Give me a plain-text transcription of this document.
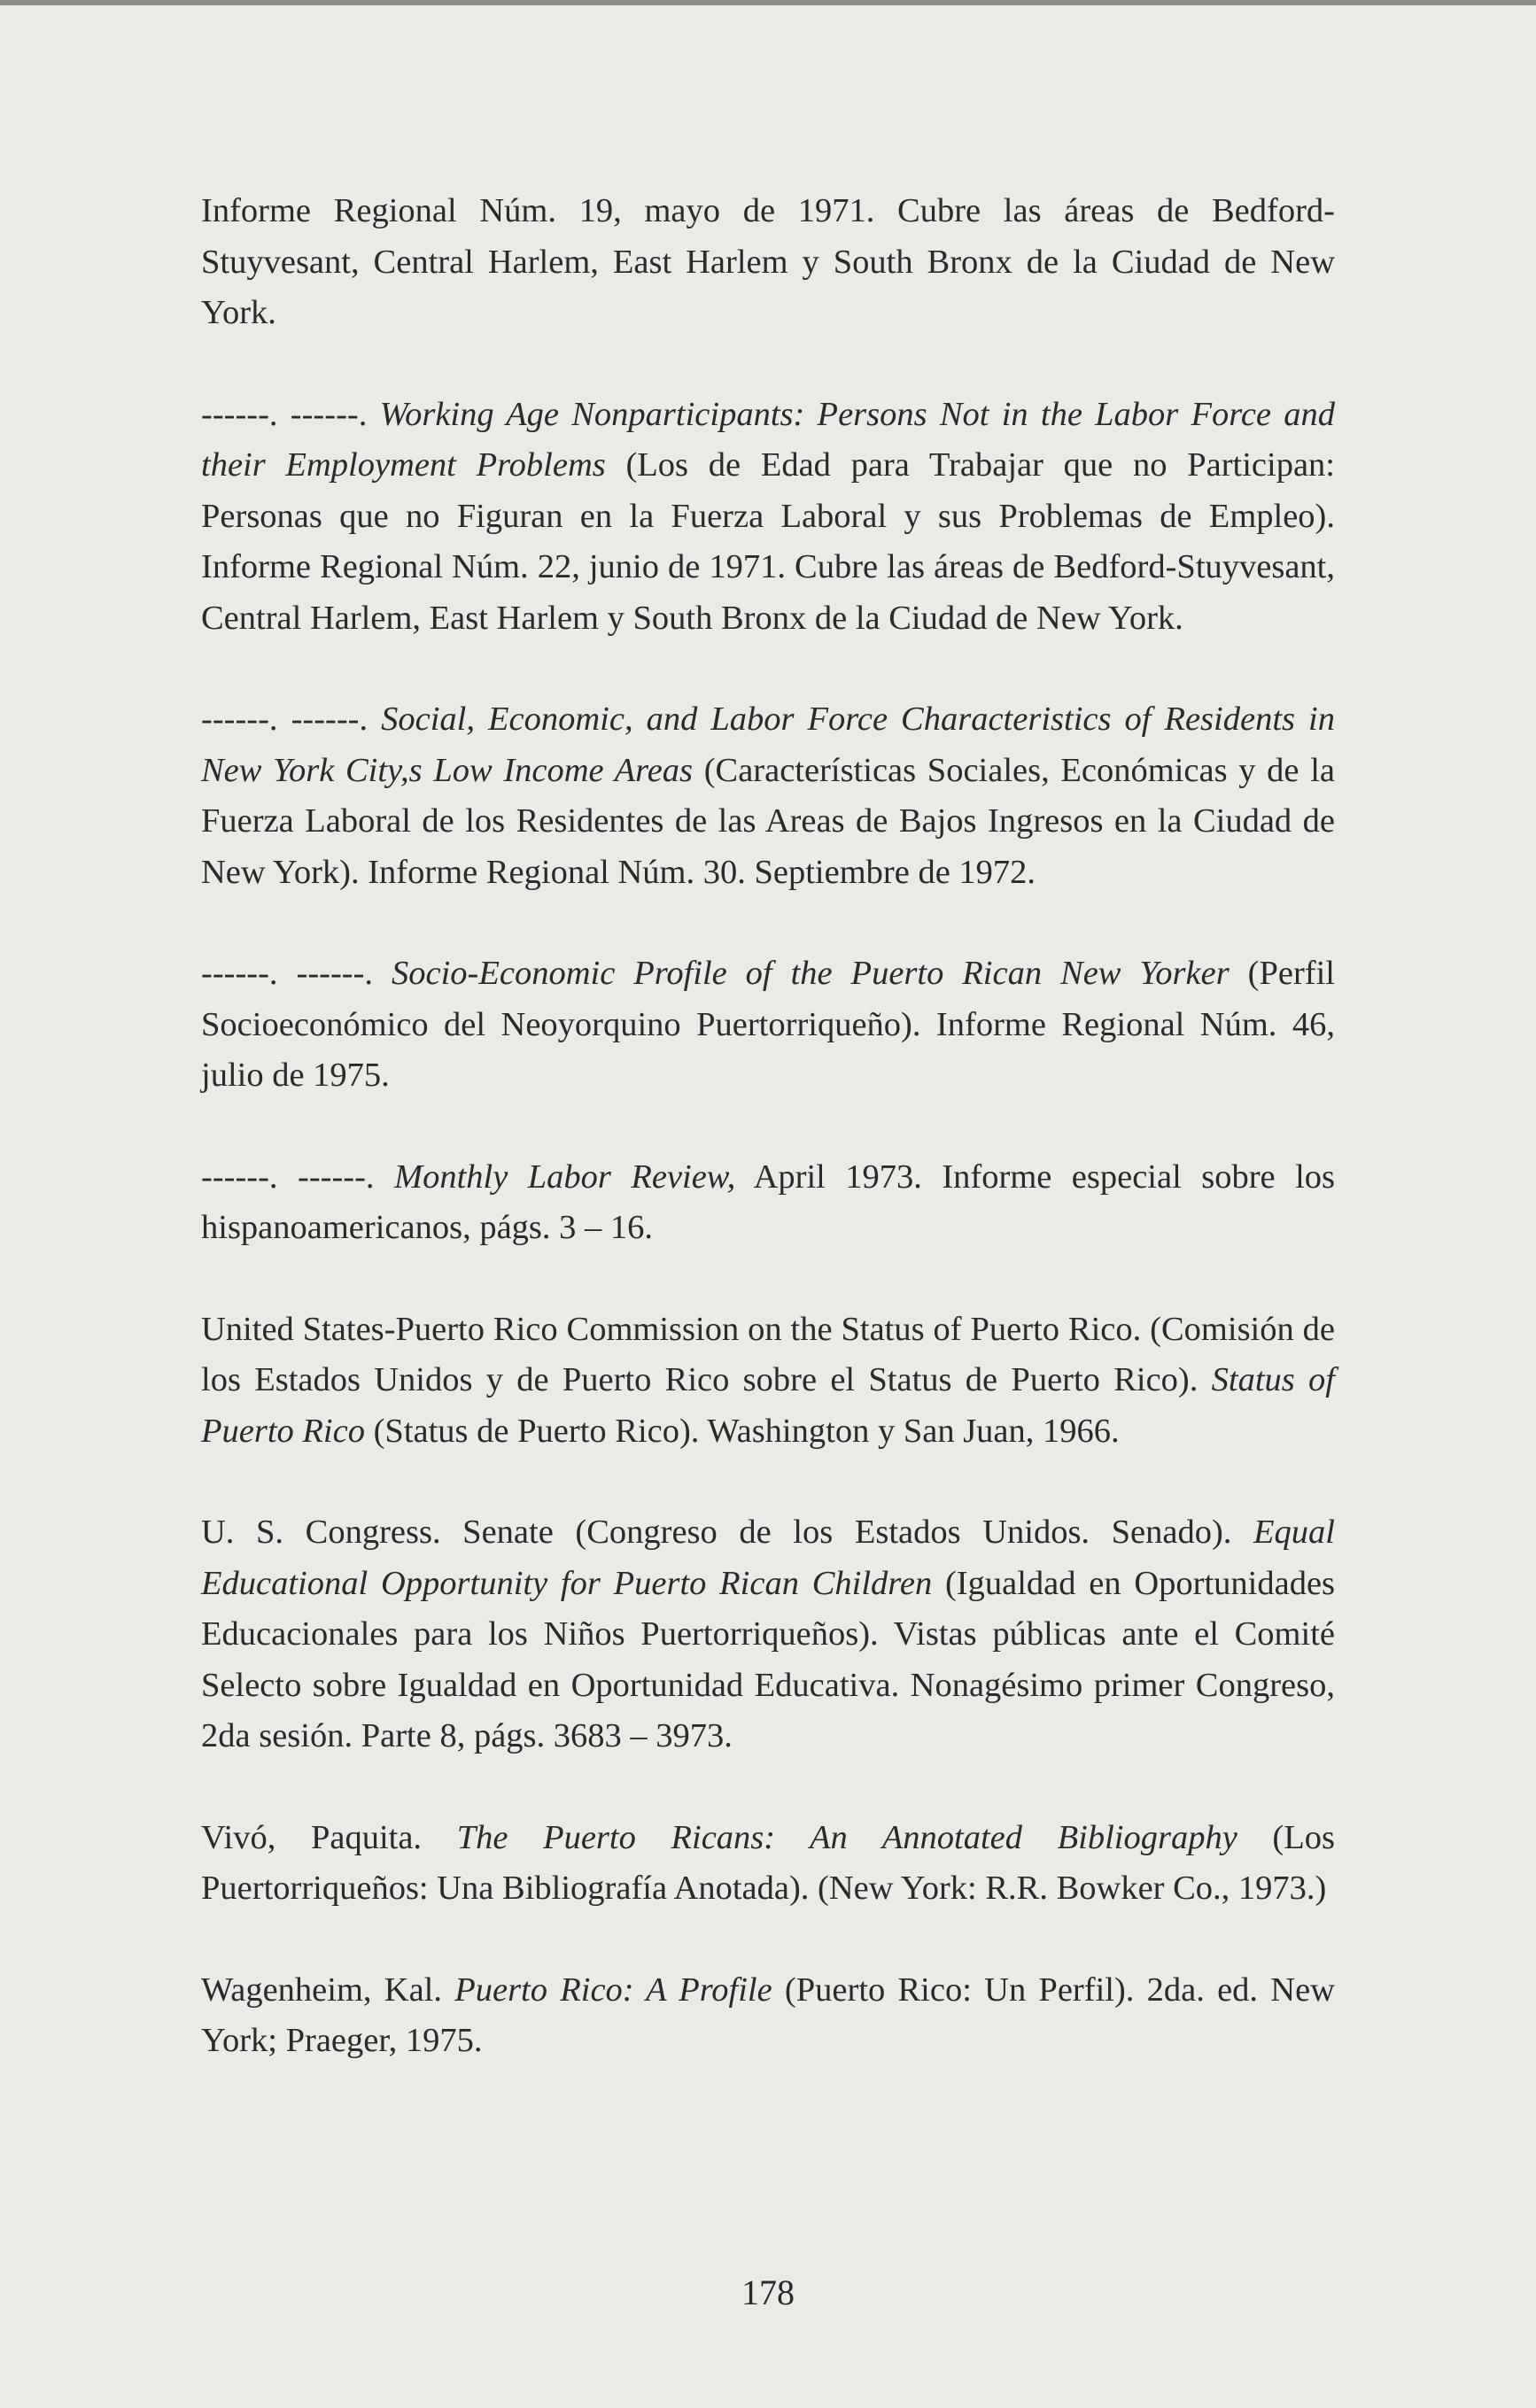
Informe Regional Núm. 19, mayo de 1971. Cubre las áreas de Bedford-Stuyvesant, Central Harlem, East Harlem y South Bronx de la Ciudad de New York.

------. ------. Working Age Nonparticipants: Persons Not in the Labor Force and their Employment Problems (Los de Edad para Trabajar que no Participan: Personas que no Figuran en la Fuerza Laboral y sus Problemas de Empleo). Informe Regional Núm. 22, junio de 1971. Cubre las áreas de Bedford-Stuyvesant, Central Harlem, East Harlem y South Bronx de la Ciudad de New York.

------. ------. Social, Economic, and Labor Force Characteristics of Residents in New York City,s Low Income Areas (Características Sociales, Económicas y de la Fuerza Laboral de los Residentes de las Areas de Bajos Ingresos en la Ciudad de New York). Informe Regional Núm. 30. Septiembre de 1972.

------. ------. Socio-Economic Profile of the Puerto Rican New Yorker (Perfil Socioeconómico del Neoyorquino Puertorriqueño). Informe Regional Núm. 46, julio de 1975.

------. ------. Monthly Labor Review, April 1973. Informe especial sobre los hispanoamericanos, págs. 3 – 16.

United States-Puerto Rico Commission on the Status of Puerto Rico. (Comisión de los Estados Unidos y de Puerto Rico sobre el Status de Puerto Rico). Status of Puerto Rico (Status de Puerto Rico). Washington y San Juan, 1966.

U. S. Congress. Senate (Congreso de los Estados Unidos. Senado). Equal Educational Opportunity for Puerto Rican Children (Igualdad en Oportunidades Educacionales para los Niños Puertorriqueños). Vistas públicas ante el Comité Selecto sobre Igualdad en Oportunidad Educativa. Nonagésimo primer Congreso, 2da sesión. Parte 8, págs. 3683 – 3973.

Vivó, Paquita. The Puerto Ricans: An Annotated Bibliography (Los Puertorriqueños: Una Bibliografía Anotada). (New York: R.R. Bowker Co., 1973.)

Wagenheim, Kal. Puerto Rico: A Profile (Puerto Rico: Un Perfil). 2da. ed. New York; Praeger, 1975.

178
